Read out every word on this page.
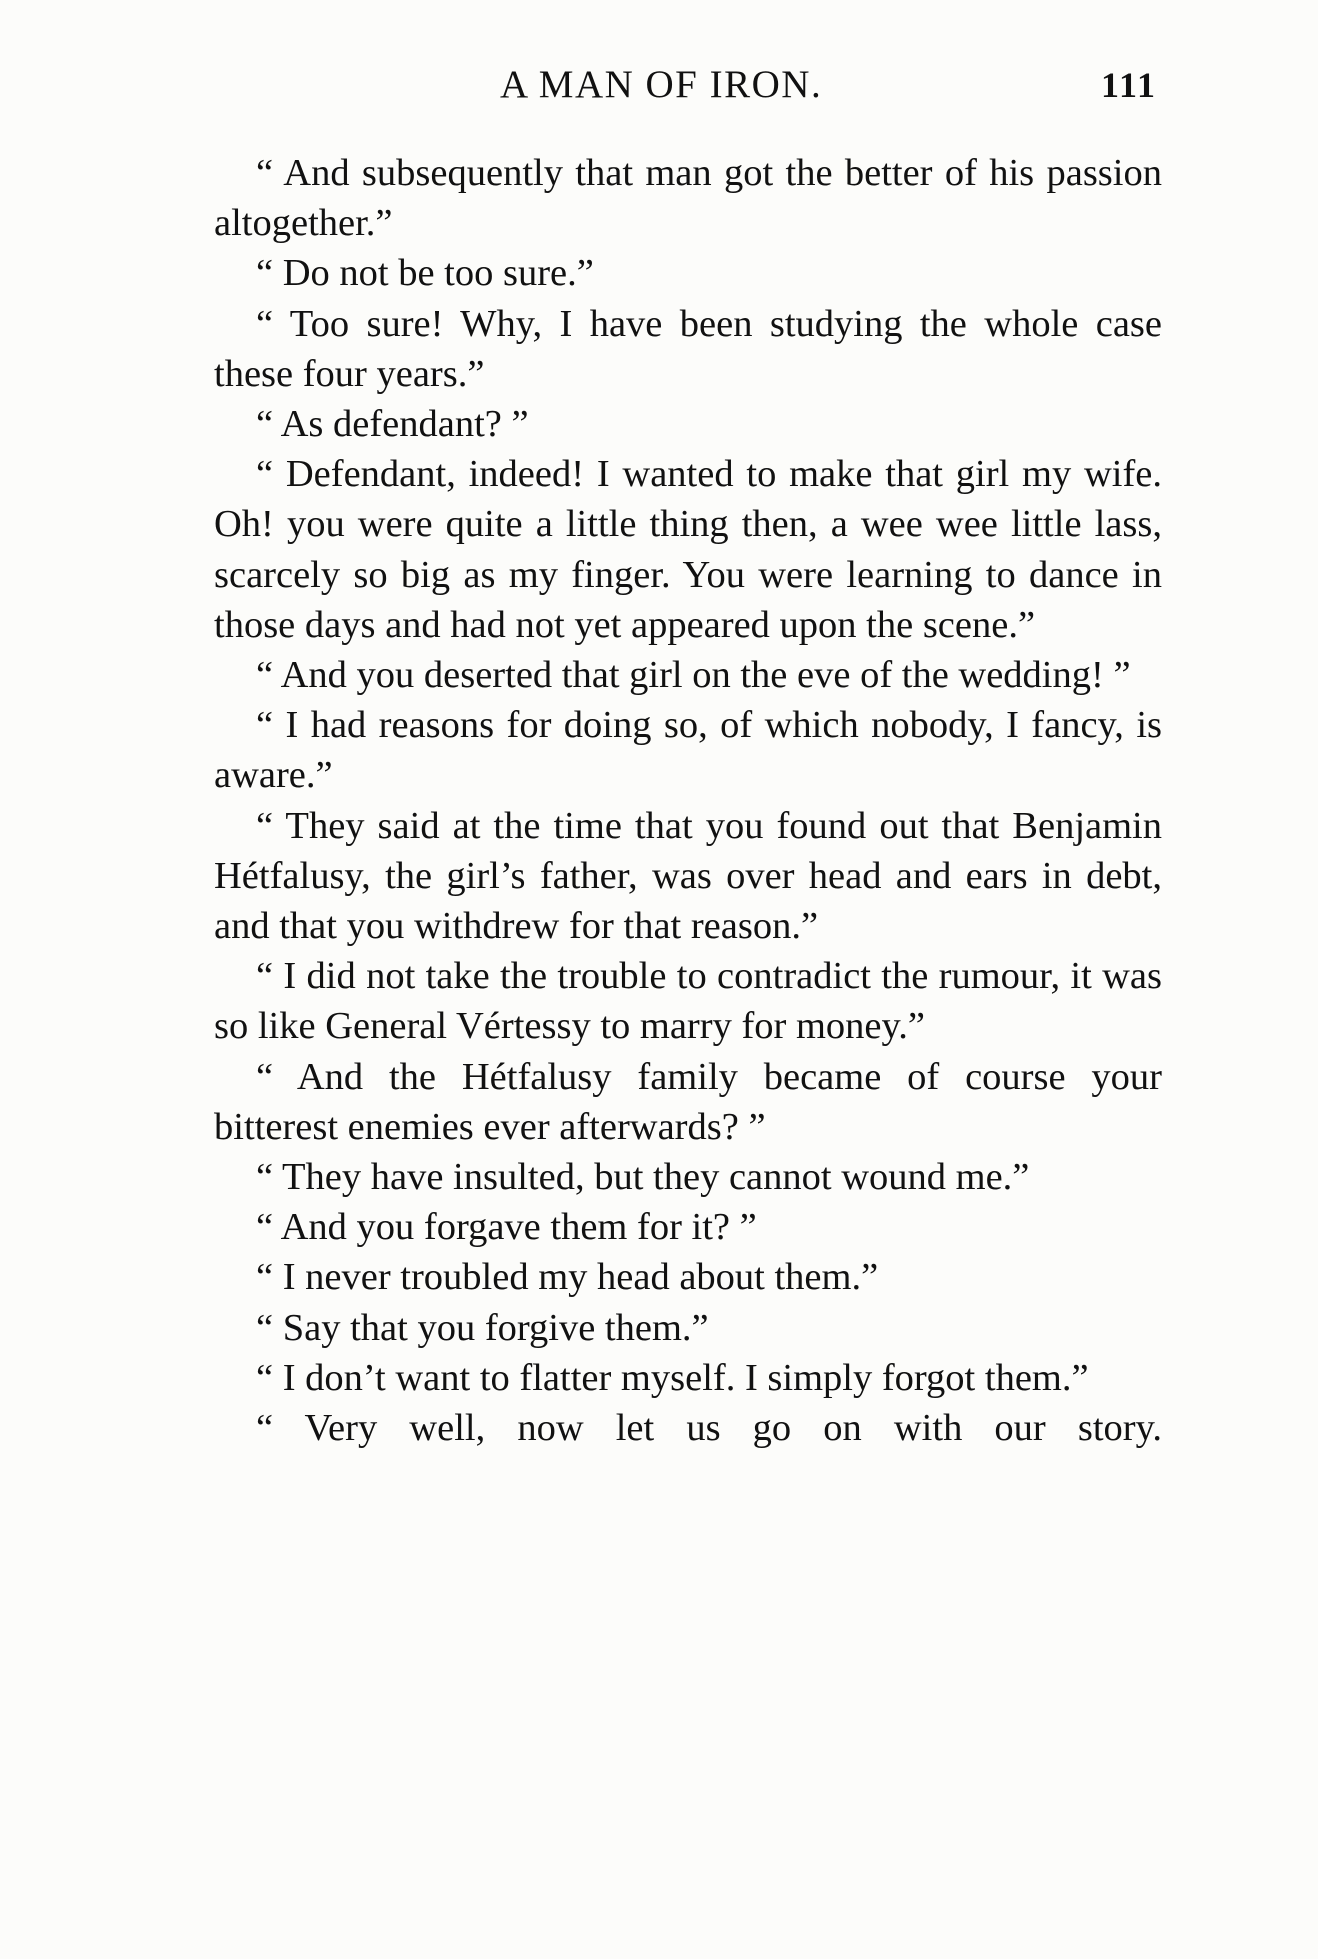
A MAN OF IRON.	111

“ And subsequently that man got the better of his passion altogether.”

“ Do not be too sure.”

“ Too sure! Why, I have been studying the whole case these four years.”

“ As defendant? ”

“ Defendant, indeed! I wanted to make that girl my wife. Oh! you were quite a little thing then, a wee wee little lass, scarcely so big as my finger. You were learning to dance in those days and had not yet appeared upon the scene.”

“ And you deserted that girl on the eve of the wedding! ”

“ I had reasons for doing so, of which nobody, I fancy, is aware.”

“ They said at the time that you found out that Benjamin Hétfalusy, the girl’s father, was over head and ears in debt, and that you withdrew for that reason.”

“ I did not take the trouble to contradict the rumour, it was so like General Vértessy to marry for money.”

“ And the Hétfalusy family became of course your bitterest enemies ever afterwards? ”

“ They have insulted, but they cannot wound me.”

“ And you forgave them for it? ”

“ I never troubled my head about them.”

“ Say that you forgive them.”

“ I don’t want to flatter myself. I simply forgot them.”

“ Very well, now let us go on with our story.
